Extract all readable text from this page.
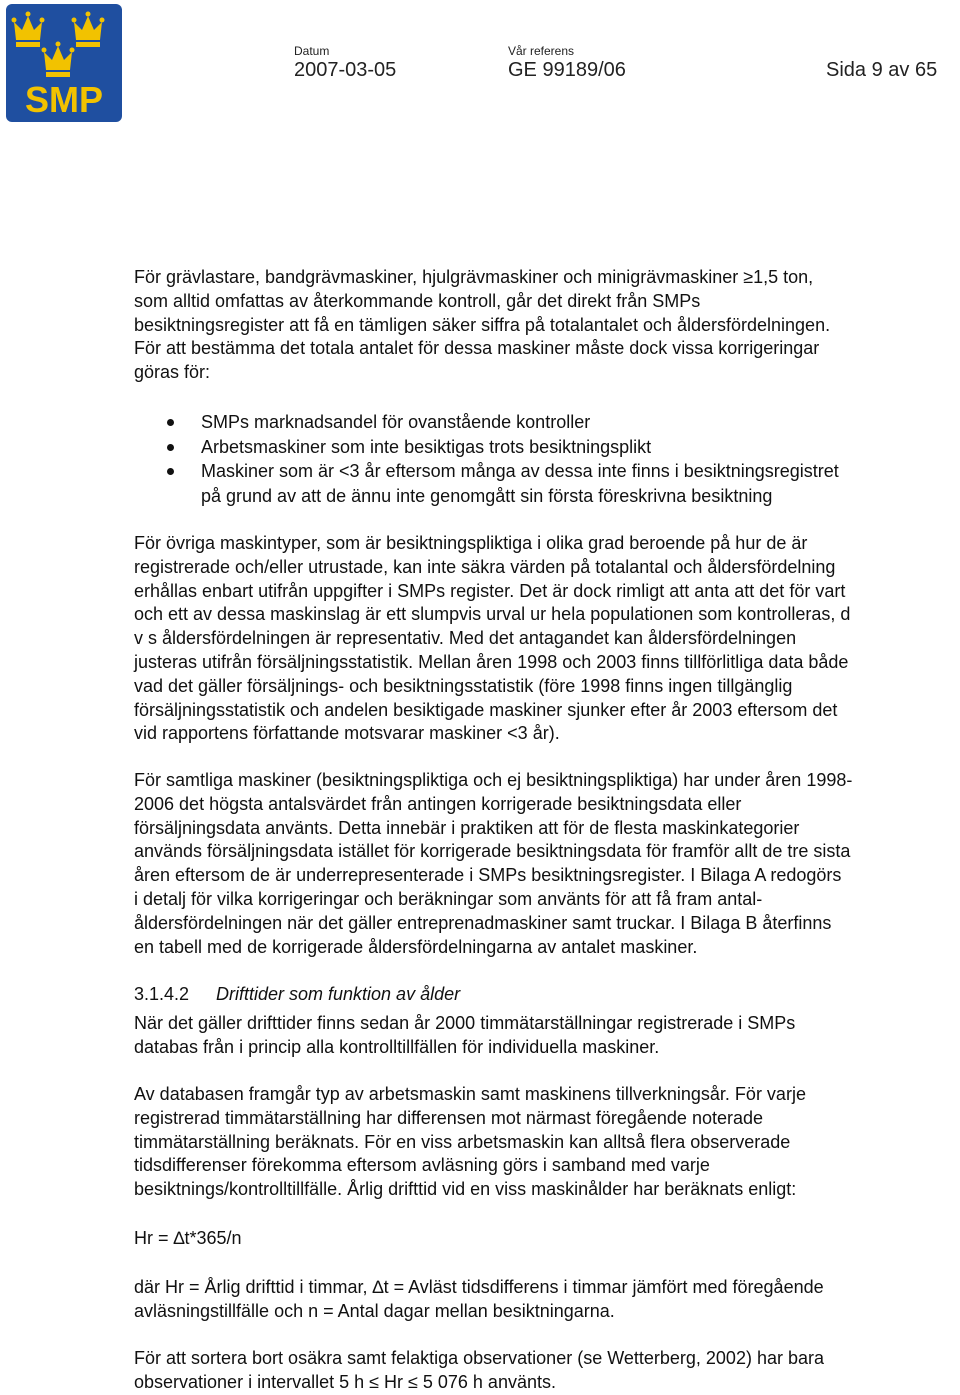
SMP
Datum
2007-03-05
Vår referens
GE 99189/06	Sida 9 av 65

För grävlastare, bandgrävmaskiner, hjulgrävmaskiner och minigrävmaskiner ≥1,5 ton,
som alltid omfattas av återkommande kontroll, går det direkt från SMPs
besiktningsregister att få en tämligen säker siffra på totalantalet och åldersfördelningen.
För att bestämma det totala antalet för dessa maskiner måste dock vissa korrigeringar
göras för:

SMPs marknadsandel för ovanstående kontroller
Arbetsmaskiner som inte besiktigas trots besiktningsplikt
Maskiner som är <3 år eftersom många av dessa inte finns i besiktningsregistret
på grund av att de ännu inte genomgått sin första föreskrivna besiktning

För övriga maskintyper, som är besiktningspliktiga i olika grad beroende på hur de är
registrerade och/eller utrustade, kan inte säkra värden på totalantal och åldersfördelning
erhållas enbart utifrån uppgifter i SMPs register. Det är dock rimligt att anta att det för vart
och ett av dessa maskinslag är ett slumpvis urval ur hela populationen som kontrolleras, d
v s åldersfördelningen är representativ. Med det antagandet kan åldersfördelningen
justeras utifrån försäljningsstatistik. Mellan åren 1998 och 2003 finns tillförlitliga data både
vad det gäller försäljnings- och besiktningsstatistik (före 1998 finns ingen tillgänglig
försäljningsstatistik och andelen besiktigade maskiner sjunker efter år 2003 eftersom det
vid rapportens författande motsvarar maskiner <3 år).

För samtliga maskiner (besiktningspliktiga och ej besiktningspliktiga) har under åren 1998-
2006 det högsta antalsvärdet från antingen korrigerade besiktningsdata eller
försäljningsdata använts. Detta innebär i praktiken att för de flesta maskinkategorier
används försäljningsdata istället för korrigerade besiktningsdata för framför allt de tre sista
åren eftersom de är underrepresenterade i SMPs besiktningsregister. I Bilaga A redogörs
i detalj för vilka korrigeringar och beräkningar som använts för att få fram antal-
åldersfördelningen när det gäller entreprenadmaskiner samt truckar. I Bilaga B återfinns
en tabell med de korrigerade åldersfördelningarna av antalet maskiner.

3.1.4.2 Drifttider som funktion av ålder

När det gäller drifttider finns sedan år 2000 timmätarställningar registrerade i SMPs
databas från i princip alla kontrolltillfällen för individuella maskiner.

Av databasen framgår typ av arbetsmaskin samt maskinens tillverkningsår. För varje
registrerad timmätarställning har differensen mot närmast föregående noterade
timmätarställning beräknats. För en viss arbetsmaskin kan alltså flera observerade
tidsdifferenser förekomma eftersom avläsning görs i samband med varje
besiktnings/kontrolltillfälle. Årlig drifttid vid en viss maskinålder har beräknats enligt:

Hr = ∆t*365/n

där Hr = Årlig drifttid i timmar, ∆t = Avläst tidsdifferens i timmar jämfört med föregående
avläsningstillfälle och n = Antal dagar mellan besiktningarna.

För att sortera bort osäkra samt felaktiga observationer (se Wetterberg, 2002) har bara
observationer i intervallet 5 h ≤ Hr ≤ 5 076 h använts.
